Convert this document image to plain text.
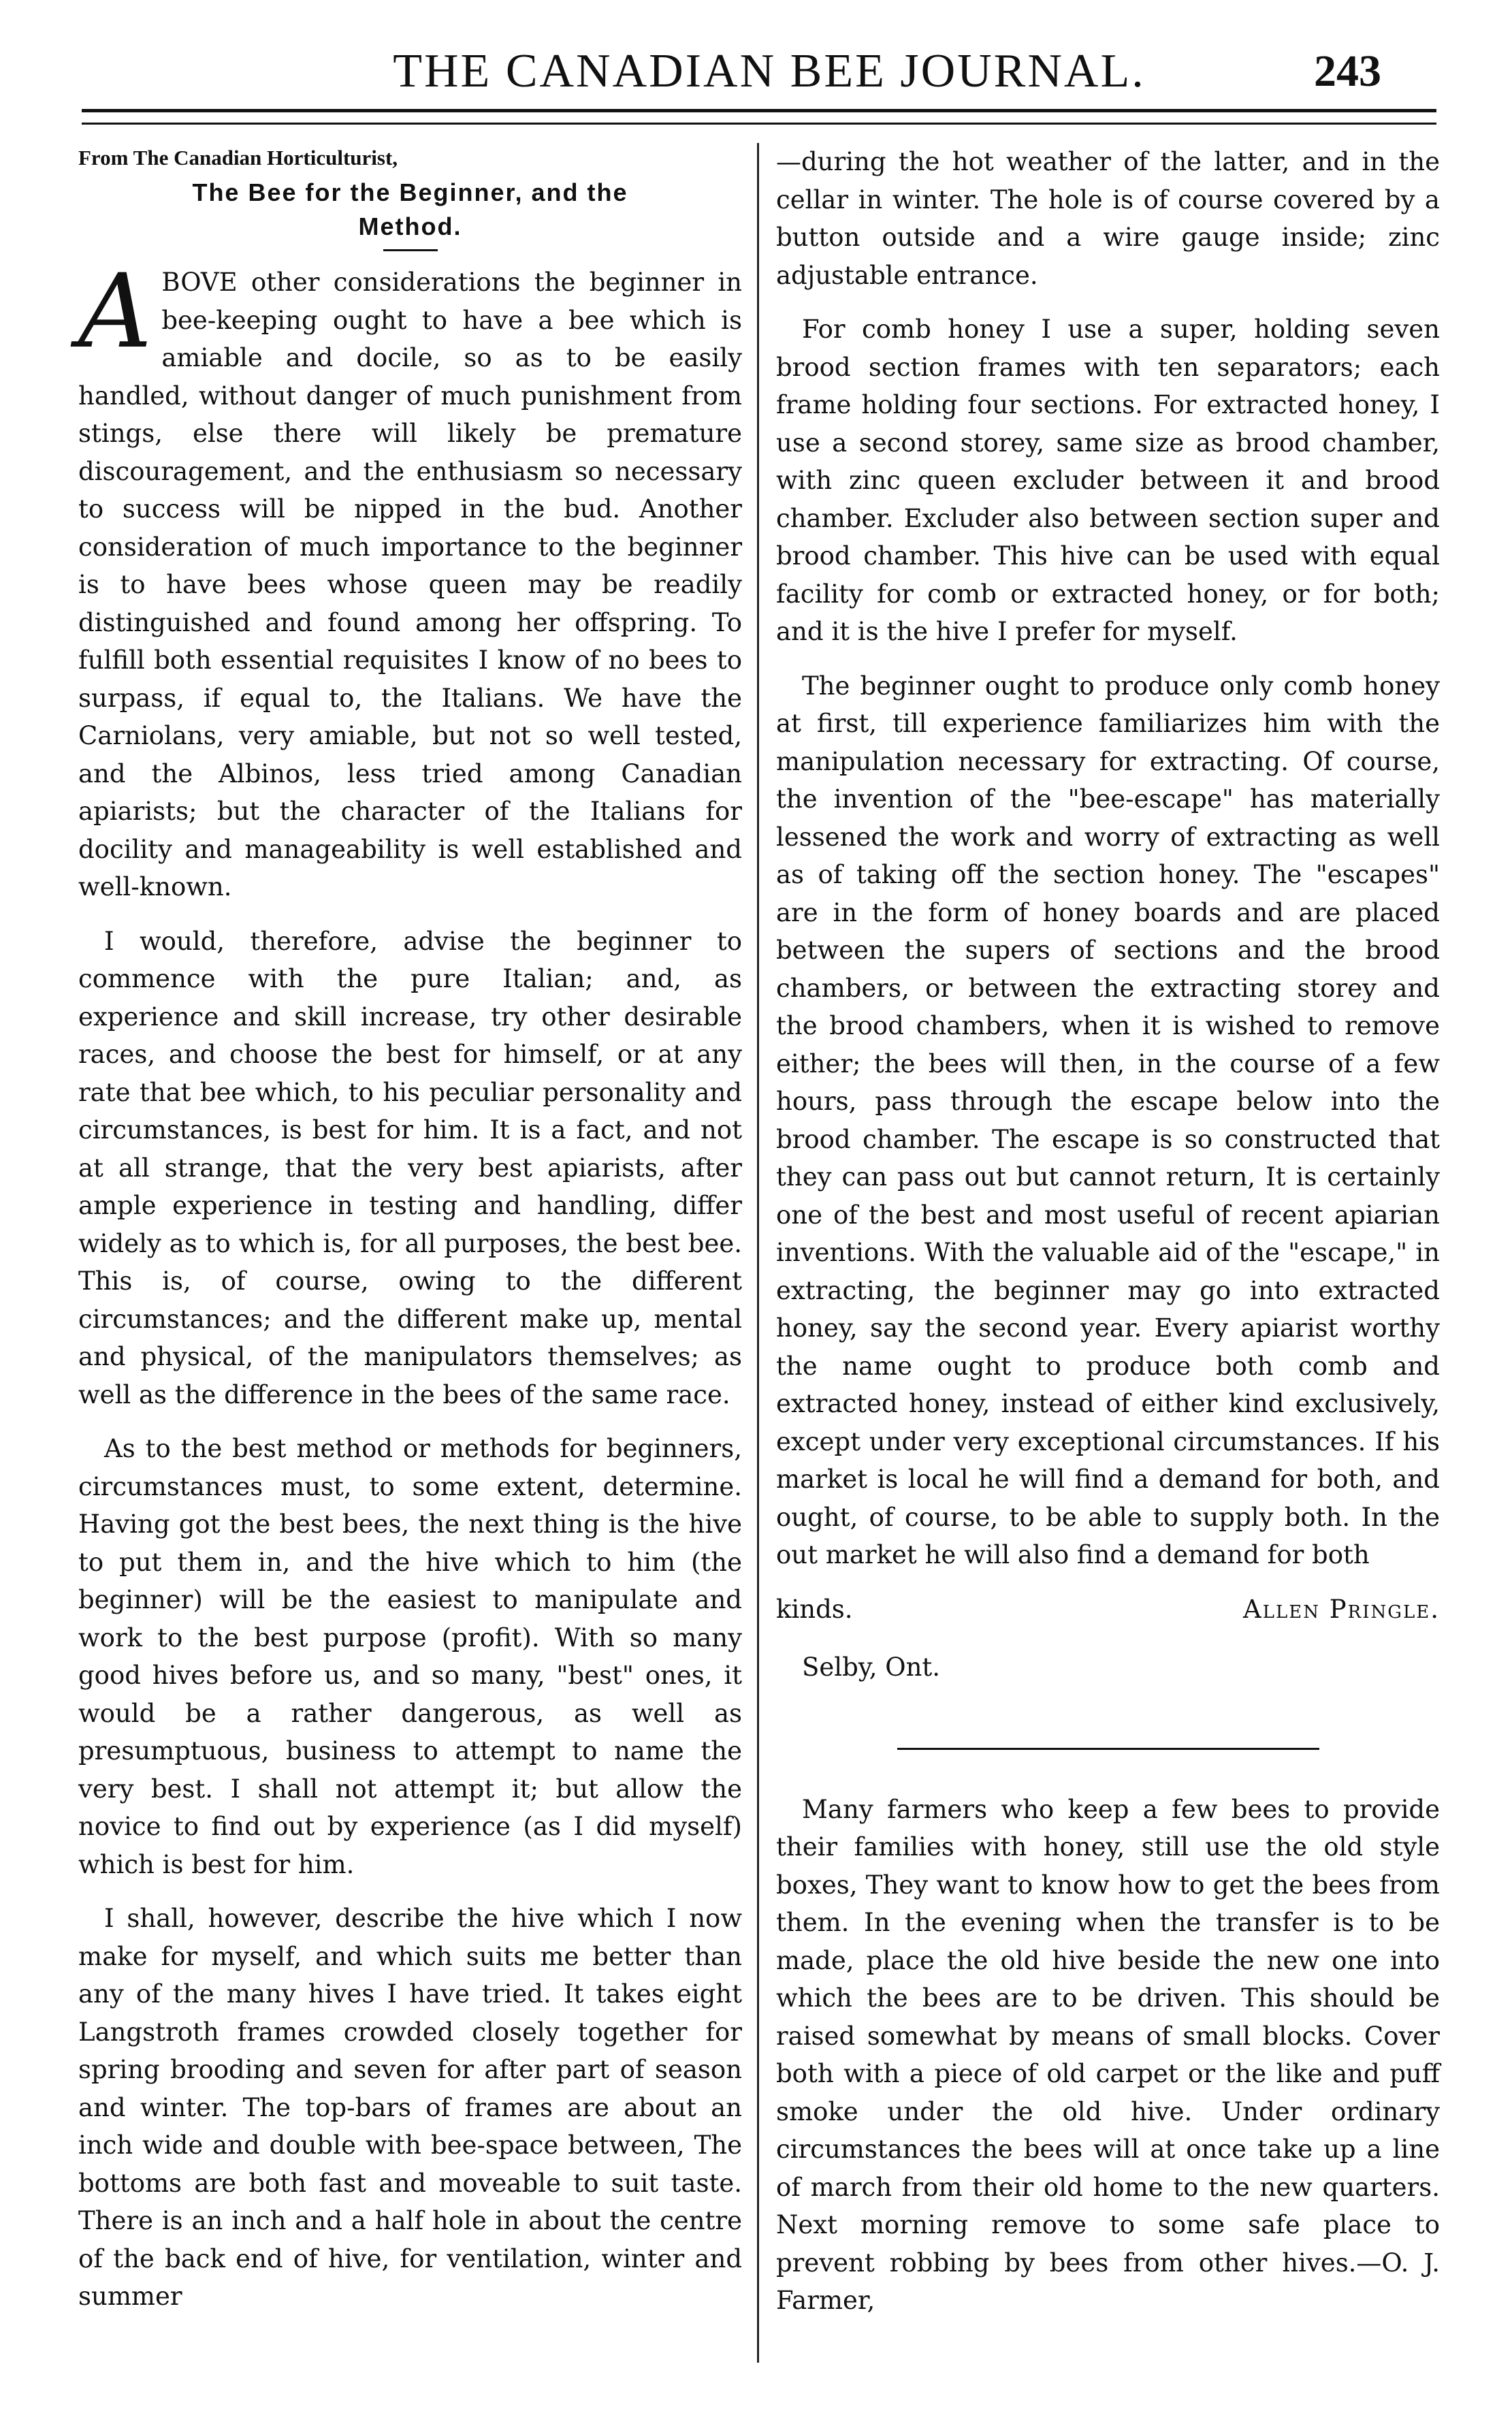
THE CANADIAN BEE JOURNAL.	243
From The Canadian Horticulturist,
The Bee for the Beginner, and the
Method.

ABOVE other considerations the beginner in bee-keeping ought to have a bee which is amiable and docile, so as to be easily handled, without danger of much punishment from stings, else there will likely be premature discouragement, and the enthusiasm so necessary to success will be nipped in the bud. Another consideration of much importance to the beginner is to have bees whose queen may be readily distinguished and found among her offspring. To fulfill both essential requisites I know of no bees to surpass, if equal to, the Italians. We have the Carniolans, very amiable, but not so well tested, and the Albinos, less tried among Canadian apiarists; but the character of the Italians for docility and manageability is well established and well-known.

I would, therefore, advise the beginner to commence with the pure Italian; and, as experience and skill increase, try other desirable races, and choose the best for himself, or at any rate that bee which, to his peculiar personality and circumstances, is best for him. It is a fact, and not at all strange, that the very best apiarists, after ample experience in testing and handling, differ widely as to which is, for all purposes, the best bee. This is, of course, owing to the different circumstances; and the different make up, mental and physical, of the manipulators themselves; as well as the difference in the bees of the same race.

As to the best method or methods for beginners, circumstances must, to some extent, determine. Having got the best bees, the next thing is the hive to put them in, and the hive which to him (the beginner) will be the easiest to manipulate and work to the best purpose (profit). With so many good hives before us, and so many, "best" ones, it would be a rather dangerous, as well as presumptuous, business to attempt to name the very best. I shall not attempt it; but allow the novice to find out by experience (as I did myself) which is best for him.

I shall, however, describe the hive which I now make for myself, and which suits me better than any of the many hives I have tried. It takes eight Langstroth frames crowded closely together for spring brooding and seven for after part of season and winter. The top-bars of frames are about an inch wide and double with bee-space between, The bottoms are both fast and moveable to suit taste. There is an inch and a half hole in about the centre of the back end of hive, for ventilation, winter and summer

—during the hot weather of the latter, and in the cellar in winter. The hole is of course covered by a button outside and a wire gauge inside; zinc adjustable entrance.

For comb honey I use a super, holding seven brood section frames with ten separators; each frame holding four sections. For extracted honey, I use a second storey, same size as brood chamber, with zinc queen excluder between it and brood chamber. Excluder also between section super and brood chamber. This hive can be used with equal facility for comb or extracted honey, or for both; and it is the hive I prefer for myself.

The beginner ought to produce only comb honey at first, till experience familiarizes him with the manipulation necessary for extracting. Of course, the invention of the "bee-escape" has materially lessened the work and worry of extracting as well as of taking off the section honey. The "escapes" are in the form of honey boards and are placed between the supers of sections and the brood chambers, or between the extracting storey and the brood chambers, when it is wished to remove either; the bees will then, in the course of a few hours, pass through the escape below into the brood chamber. The escape is so constructed that they can pass out but cannot return, It is certainly one of the best and most useful of recent apiarian inventions. With the valuable aid of the "escape," in extracting, the beginner may go into extracted honey, say the second year. Every apiarist worthy the name ought to produce both comb and extracted honey, instead of either kind exclusively, except under very exceptional circumstances. If his market is local he will find a demand for both, and ought, of course, to be able to supply both. In the out market he will also find a demand for both

kinds.	Allen Pringle.

Selby, Ont.

Many farmers who keep a few bees to provide their families with honey, still use the old style boxes, They want to know how to get the bees from them. In the evening when the transfer is to be made, place the old hive beside the new one into which the bees are to be driven. This should be raised somewhat by means of small blocks. Cover both with a piece of old carpet or the like and puff smoke under the old hive. Under ordinary circumstances the bees will at once take up a line of march from their old home to the new quarters. Next morning remove to some safe place to prevent robbing by bees from other hives.—O. J. Farmer,
